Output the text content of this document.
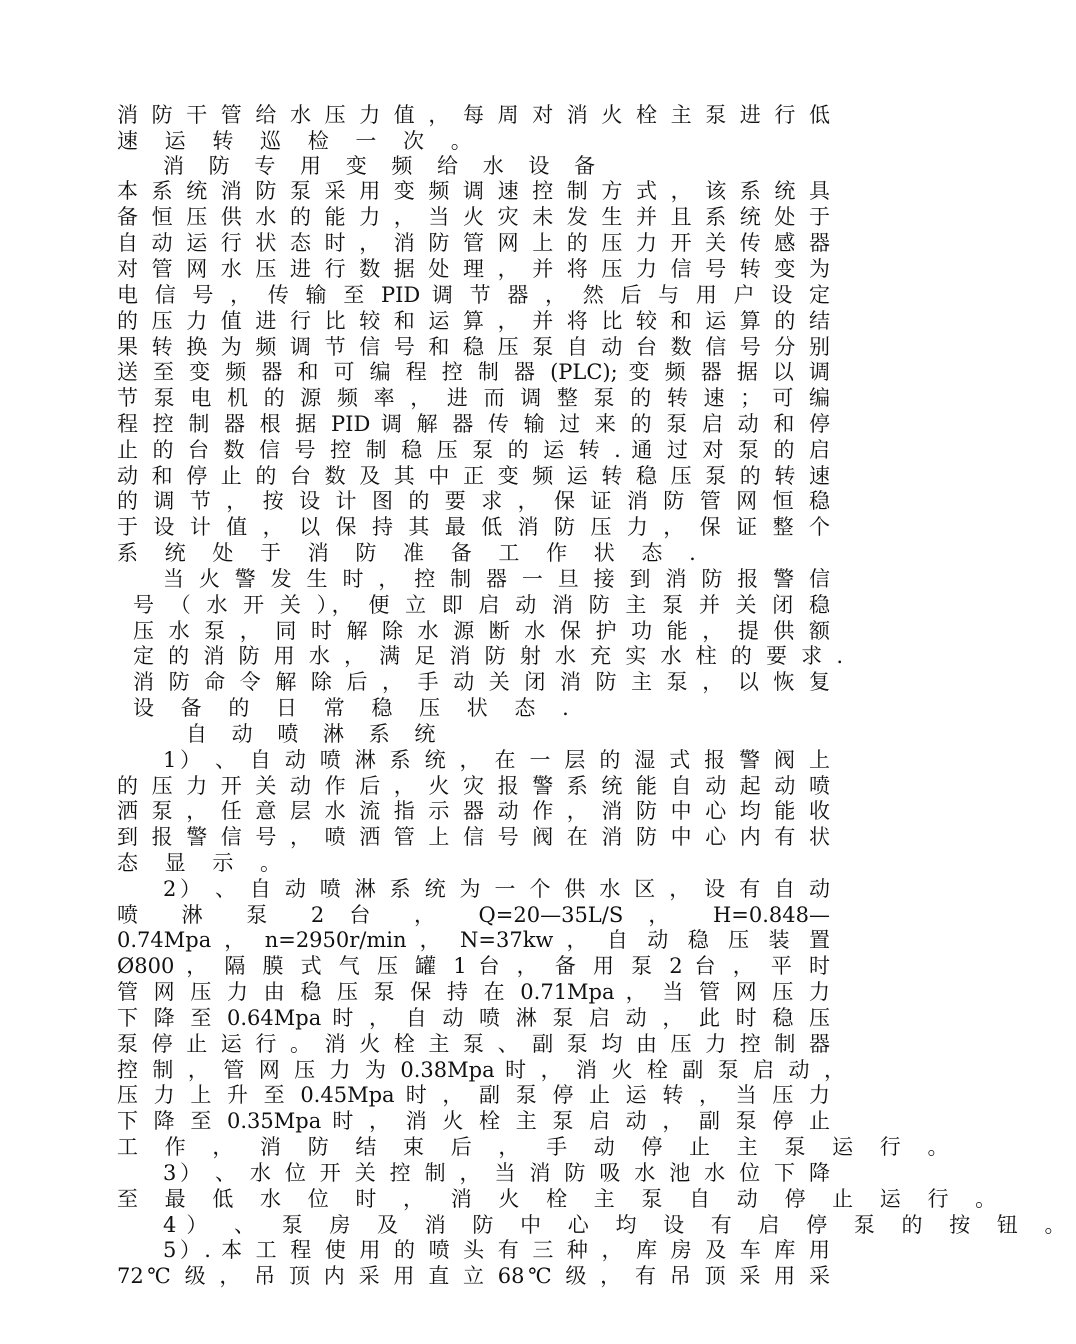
消 防 干 管 给 水 压 力 值 ， 每 周 对 消 火 栓 主 泵 进 行 低
速 运 转 巡 检 一 次 。
消 防 专 用 变 频 给 水 设 备
本 系 统 消 防 泵 采 用 变 频 调 速 控 制 方 式 ， 该 系 统 具
备 恒 压 供 水 的 能 力 ， 当 火 灾 未 发 生 并 且 系 统 处 于
自 动 运 行 状 态 时 ， 消 防 管 网 上 的 压 力 开 关 传 感 器
对 管 网 水 压 进 行 数 据 处 理 ， 并 将 压 力 信 号 转 变 为
电 信 号 ， 传 输 至 PID 调 节 器 ， 然 后 与 用 户 设 定
的 压 力 值 进 行 比 较 和 运 算 ， 并 将 比 较 和 运 算 的 结
果 转 换 为 频 调 节 信 号 和 稳 压 泵 自 动 台 数 信 号 分 别
送 至 变 频 器 和 可 编 程 控 制 器 (PLC); 变 频 器 据 以 调
节 泵 电 机 的 源 频 率 ， 进 而 调 整 泵 的 转 速 ； 可 编
程 控 制 器 根 据 PID 调 解 器 传 输 过 来 的 泵 启 动 和 停
止 的 台 数 信 号 控 制 稳 压 泵 的 运 转 . 通 过 对 泵 的 启
动 和 停 止 的 台 数 及 其 中 正 变 频 运 转 稳 压 泵 的 转 速
的 调 节 ， 按 设 计 图 的 要 求 ， 保 证 消 防 管 网 恒 稳
于 设 计 值 ， 以 保 持 其 最 低 消 防 压 力 ， 保 证 整 个
系 统 处 于 消 防 准 备 工 作 状 态 .
当 火 警 发 生 时 ， 控 制 器 一 旦 接 到 消 防 报 警 信
号 （ 水 开 关 ）， 便 立 即 启 动 消 防 主 泵 并 关 闭 稳
压 水 泵 ， 同 时 解 除 水 源 断 水 保 护 功 能 ， 提 供 额
定 的 消 防 用 水 ， 满 足 消 防 射 水 充 实 水 柱 的 要 求 .
消 防 命 令 解 除 后 ， 手 动 关 闭 消 防 主 泵 ， 以 恢 复
设 备 的 日 常 稳 压 状 态 .
自 动 喷 淋 系 统
1） 、 自 动 喷 淋 系 统 ， 在 一 层 的 湿 式 报 警 阀 上
的 压 力 开 关 动 作 后 ， 火 灾 报 警 系 统 能 自 动 起 动 喷
洒 泵 ， 任 意 层 水 流 指 示 器 动 作 ， 消 防 中 心 均 能 收
到 报 警 信 号 ， 喷 洒 管 上 信 号 阀 在 消 防 中 心 内 有 状
态 显 示 。
2） 、 自 动 喷 淋 系 统 为 一 个 供 水 区 ， 设 有 自 动
喷 淋 泵 2 台 ， Q=20—35L/S ， H=0.848—
0.74Mpa ， n=2950r/min ， N=37kw ， 自 动 稳 压 装 置
Ø800 ， 隔 膜 式 气 压 罐 1 台 ， 备 用 泵 2 台 ， 平 时
管 网 压 力 由 稳 压 泵 保 持 在 0.71Mpa ， 当 管 网 压 力
下 降 至 0.64Mpa 时 ， 自 动 喷 淋 泵 启 动 ， 此 时 稳 压
泵 停 止 运 行 。 消 火 栓 主 泵 、 副 泵 均 由 压 力 控 制 器
控 制 ， 管 网 压 力 为 0.38Mpa 时 ， 消 火 栓 副 泵 启 动 ，
压 力 上 升 至 0.45Mpa 时 ， 副 泵 停 止 运 转 ， 当 压 力
下 降 至 0.35Mpa 时 ， 消 火 栓 主 泵 启 动 ， 副 泵 停 止
工 作 ， 消 防 结 束 后 ， 手 动 停 止 主 泵 运 行 。
3） 、 水 位 开 关 控 制 ， 当 消 防 吸 水 池 水 位 下 降
至 最 低 水 位 时 ， 消 火 栓 主 泵 自 动 停 止 运 行 。
4） 、 泵 房 及 消 防 中 心 均 设 有 启 停 泵 的 按 钮 。
5）. 本 工 程 使 用 的 喷 头 有 三 种 ， 库 房 及 车 库 用
72℃ 级 ， 吊 顶 内 采 用 直 立 68℃ 级 ， 有 吊 顶 采 用 采
